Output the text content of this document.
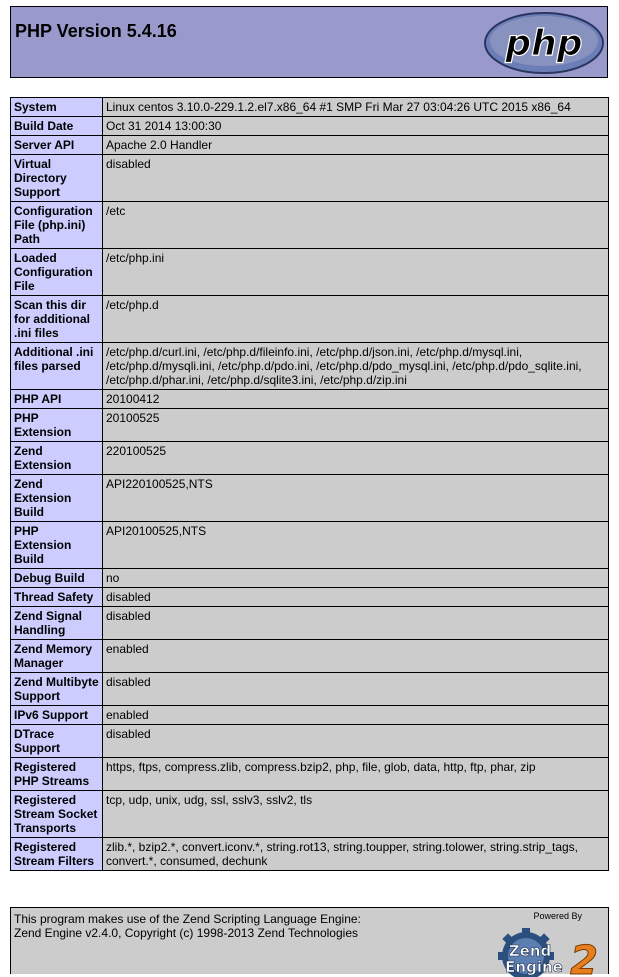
PHP Version 5.4.16	php
System	Linux centos 3.10.0-229.1.2.el7.x86_64 #1 SMP Fri Mar 27 03:04:26 UTC 2015 x86_64
Build Date	Oct 31 2014 13:00:30
Server API	Apache 2.0 Handler
Virtual Directory Support	disabled
Configuration File (php.ini) Path	/etc
Loaded Configuration File	/etc/php.ini
Scan this dir for additional .ini files	/etc/php.d
Additional .ini files parsed	/etc/php.d/curl.ini, /etc/php.d/fileinfo.ini, /etc/php.d/json.ini, /etc/php.d/mysql.ini, /etc/php.d/mysqli.ini, /etc/php.d/pdo.ini, /etc/php.d/pdo_mysql.ini, /etc/php.d/pdo_sqlite.ini, /etc/php.d/phar.ini, /etc/php.d/sqlite3.ini, /etc/php.d/zip.ini
PHP API	20100412
PHP Extension	20100525
Zend Extension	220100525
Zend Extension Build	API220100525,NTS
PHP Extension Build	API20100525,NTS
Debug Build	no
Thread Safety	disabled
Zend Signal Handling	disabled
Zend Memory Manager	enabled
Zend Multibyte Support	disabled
IPv6 Support	enabled
DTrace Support	disabled
Registered PHP Streams	https, ftps, compress.zlib, compress.bzip2, php, file, glob, data, http, ftp, phar, zip
Registered Stream Socket Transports	tcp, udp, unix, udg, ssl, sslv3, sslv2, tls
Registered Stream Filters	zlib.*, bzip2.*, convert.iconv.*, string.rot13, string.toupper, string.tolower, string.strip_tags, convert.*, consumed, dechunk

This program makes use of the Zend Scripting Language Engine:
Zend Engine v2.4.0, Copyright (c) 1998-2013 Zend Technologies

Powered By
Zend
Engine 2
